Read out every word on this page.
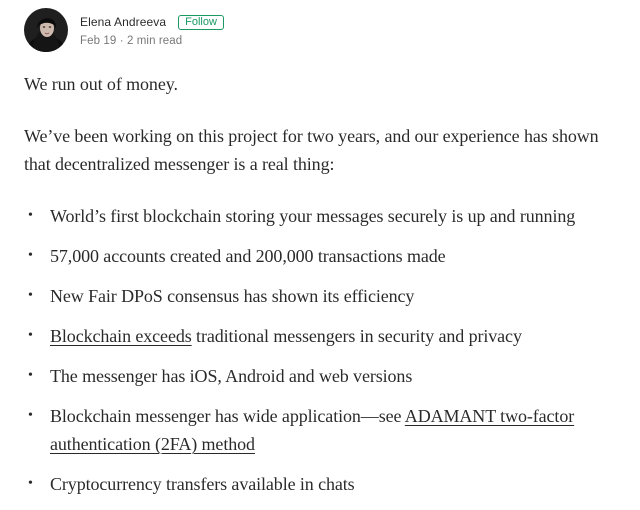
Elena Andreeva	Follow
Feb 19 · 2 min read

We run out of money.

We’ve been working on this project for two years, and our experience has shown that decentralized messenger is a real thing:

• World’s first blockchain storing your messages securely is up and running
• 57,000 accounts created and 200,000 transactions made
• New Fair DPoS consensus has shown its efficiency
• Blockchain exceeds traditional messengers in security and privacy
• The messenger has iOS, Android and web versions
• Blockchain messenger has wide application—see ADAMANT two-factor authentication (2FA) method
• Cryptocurrency transfers available in chats
